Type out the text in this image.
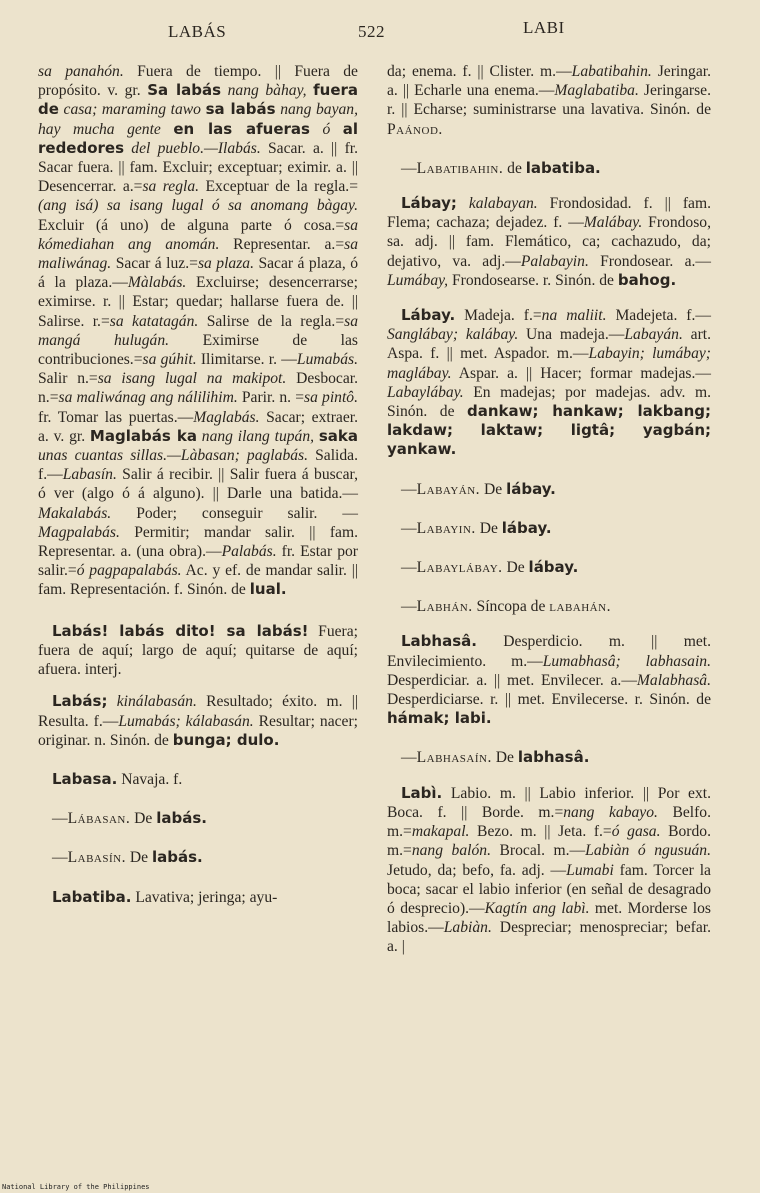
LABÁS	522	LABI

sa panahón. Fuera de tiempo. || Fuera de propósito. v. gr. Sa labás nang bàhay, fuera de casa; maraming tawo sa labás nang bayan, hay mucha gente en las afueras ó al rededores del pueblo.—Ilabás. Sacar. a. || fr. Sacar fuera. || fam. Excluir; exceptuar; eximir. a. || Desencerrar. a.=sa regla. Exceptuar de la regla.=(ang isá) sa isang lugal ó sa anomang bàgay. Excluir (á uno) de alguna parte ó cosa.=sa kómediahan ang anomán. Representar. a.=sa maliwánag. Sacar á luz.=sa plaza. Sacar á plaza, ó á la plaza.—Màlabás. Excluirse; desencerrarse; eximirse. r. || Estar; quedar; hallarse fuera de. || Salirse. r.=sa katatagán. Salirse de la regla.=sa mangá hulugán. Eximirse de las contribuciones.=sa gúhit. Ilimitarse. r. —Lumabás. Salir n.=sa isang lugal na makipot. Desbocar. n.=sa maliwánag ang nálilihim. Parir. n. =sa pintô. fr. Tomar las puertas.—Maglabás. Sacar; extraer. a. v. gr. Maglabás ka nang ilang tupán, saka unas cuantas sillas.—Làbasan; paglabás. Salida. f.—Labasín. Salir á recibir. || Salir fuera á buscar, ó ver (algo ó á alguno). || Darle una batida.—Makalabás. Poder; conseguir salir. — Magpalabás. Permitir; mandar salir. || fam. Representar. a. (una obra).—Palabás. fr. Estar por salir.=ó pagpapalabás. Ac. y ef. de mandar salir. || fam. Representación. f. Sinón. de lual.

Labás! labás dito! sa labás! Fuera; fuera de aquí; largo de aquí; quitarse de aquí; afuera. interj.

Labás; kinálabasán. Resultado; éxito. m. || Resulta. f.—Lumabás; kálabasán. Resultar; nacer; originar. n. Sinón. de bunga; dulo.

Labasa. Navaja. f.

—Lábasan. De labás.

—Labasín. De labás.

Labatiba. Lavativa; jeringa; ayu-

da; enema. f. || Clister. m.—Labatibahin. Jeringar. a. || Echarle una enema.—Maglabatiba. Jeringarse. r. || Echarse; suministrarse una lavativa. Sinón. de Paánod.

—Labatibahin. de labatiba.

Lábay; kalabayan. Frondosidad. f. || fam. Flema; cachaza; dejadez. f. —Malábay. Frondoso, sa. adj. || fam. Flemático, ca; cachazudo, da; dejativo, va. adj.—Palabayin. Frondosear. a.—Lumábay, Frondosearse. r. Sinón. de bahog.

Lábay. Madeja. f.=na maliit. Madejeta. f.—Sanglábay; kalábay. Una madeja.—Labayán. art. Aspa. f. || met. Aspador. m.—Labayin; lumábay; maglábay. Aspar. a. || Hacer; formar madejas.—Labaylábay. En madejas; por madejas. adv. m. Sinón. de dankaw; hankaw; lakbang; lakdaw; laktaw; ligtâ; yagbán; yankaw.

—Labayán. De lábay.

—Labayin. De lábay.

—Labaylábay. De lábay.

—Labhán. Síncopa de labahán.

Labhasâ. Desperdicio. m. || met. Envilecimiento. m.—Lumabhasâ; labhasain. Desperdiciar. a. || met. Envilecer. a.—Malabhasâ. Desperdiciarse. r. || met. Envilecerse. r. Sinón. de hámak; labi.

—Labhasaín. De labhasâ.

Labì. Labio. m. || Labio inferior. || Por ext. Boca. f. || Borde. m.=nang kabayo. Belfo. m.=makapal. Bezo. m. || Jeta. f.=ó gasa. Bordo. m.=nang balón. Brocal. m.—Labiàn ó ngusuán. Jetudo, da; befo, fa. adj. —Lumabi fam. Torcer la boca; sacar el labio inferior (en señal de desagrado ó desprecio).—Kagtín ang labì. met. Morderse los labios.—Labiàn. Despreciar; menospreciar; befar. a. |

National Library of the Philippines
